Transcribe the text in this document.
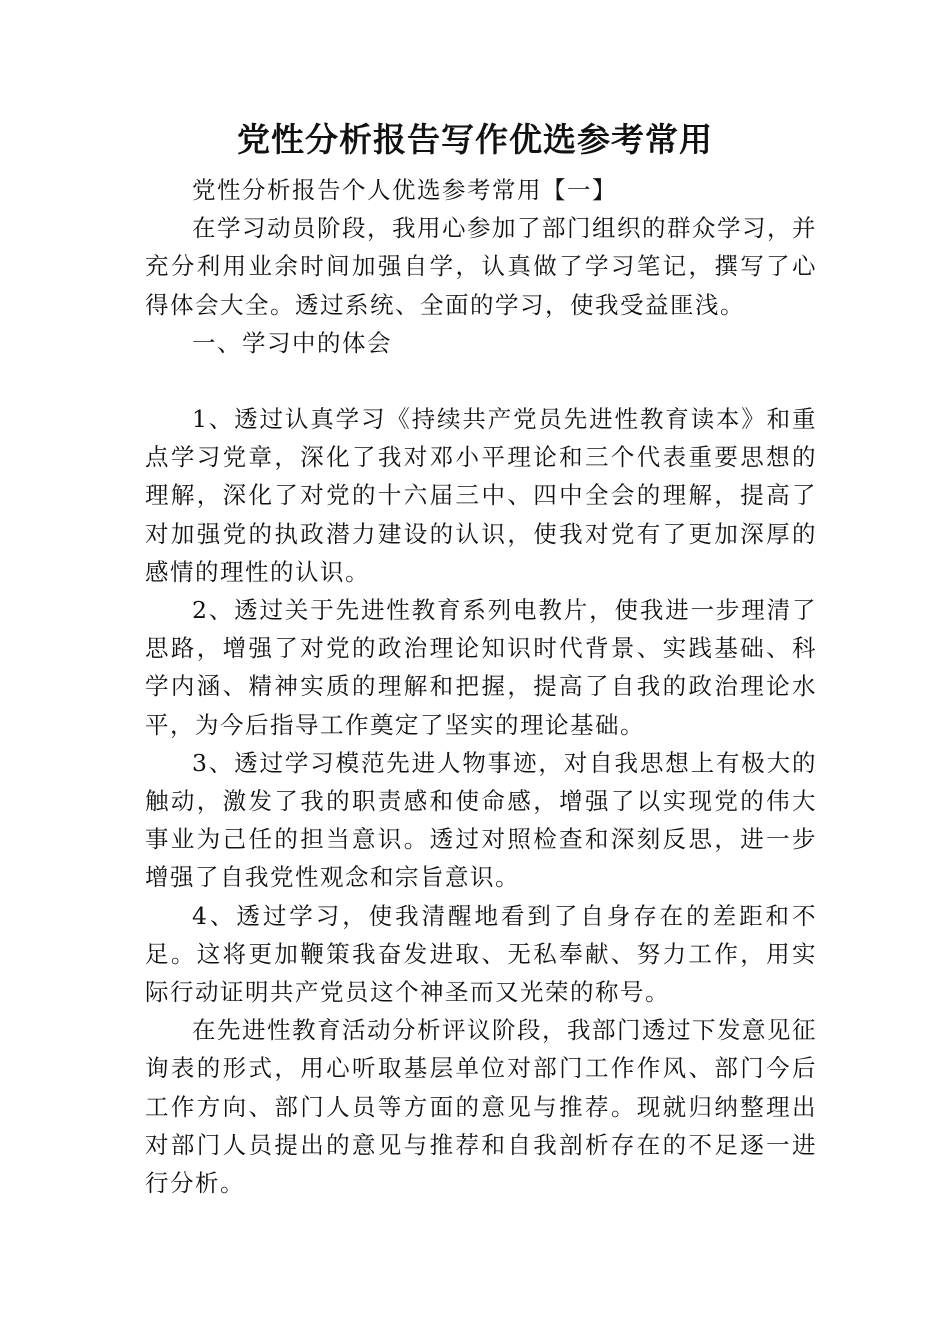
党性分析报告写作优选参考常用

党性分析报告个人优选参考常用【一】

在学习动员阶段，我用心参加了部门组织的群众学习，并充分利用业余时间加强自学，认真做了学习笔记，撰写了心得体会大全。透过系统、全面的学习，使我受益匪浅。

一、学习中的体会

1、透过认真学习《持续共产党员先进性教育读本》和重点学习党章，深化了我对邓小平理论和三个代表重要思想的理解，深化了对党的十六届三中、四中全会的理解，提高了对加强党的执政潜力建设的认识，使我对党有了更加深厚的感情的理性的认识。

2、透过关于先进性教育系列电教片，使我进一步理清了思路，增强了对党的政治理论知识时代背景、实践基础、科学内涵、精神实质的理解和把握，提高了自我的政治理论水平，为今后指导工作奠定了坚实的理论基础。

3、透过学习模范先进人物事迹，对自我思想上有极大的触动，激发了我的职责感和使命感，增强了以实现党的伟大事业为己任的担当意识。透过对照检查和深刻反思，进一步增强了自我党性观念和宗旨意识。

4、透过学习，使我清醒地看到了自身存在的差距和不足。这将更加鞭策我奋发进取、无私奉献、努力工作，用实际行动证明共产党员这个神圣而又光荣的称号。

在先进性教育活动分析评议阶段，我部门透过下发意见征询表的形式，用心听取基层单位对部门工作作风、部门今后工作方向、部门人员等方面的意见与推荐。现就归纳整理出对部门人员提出的意见与推荐和自我剖析存在的不足逐一进行分析。
